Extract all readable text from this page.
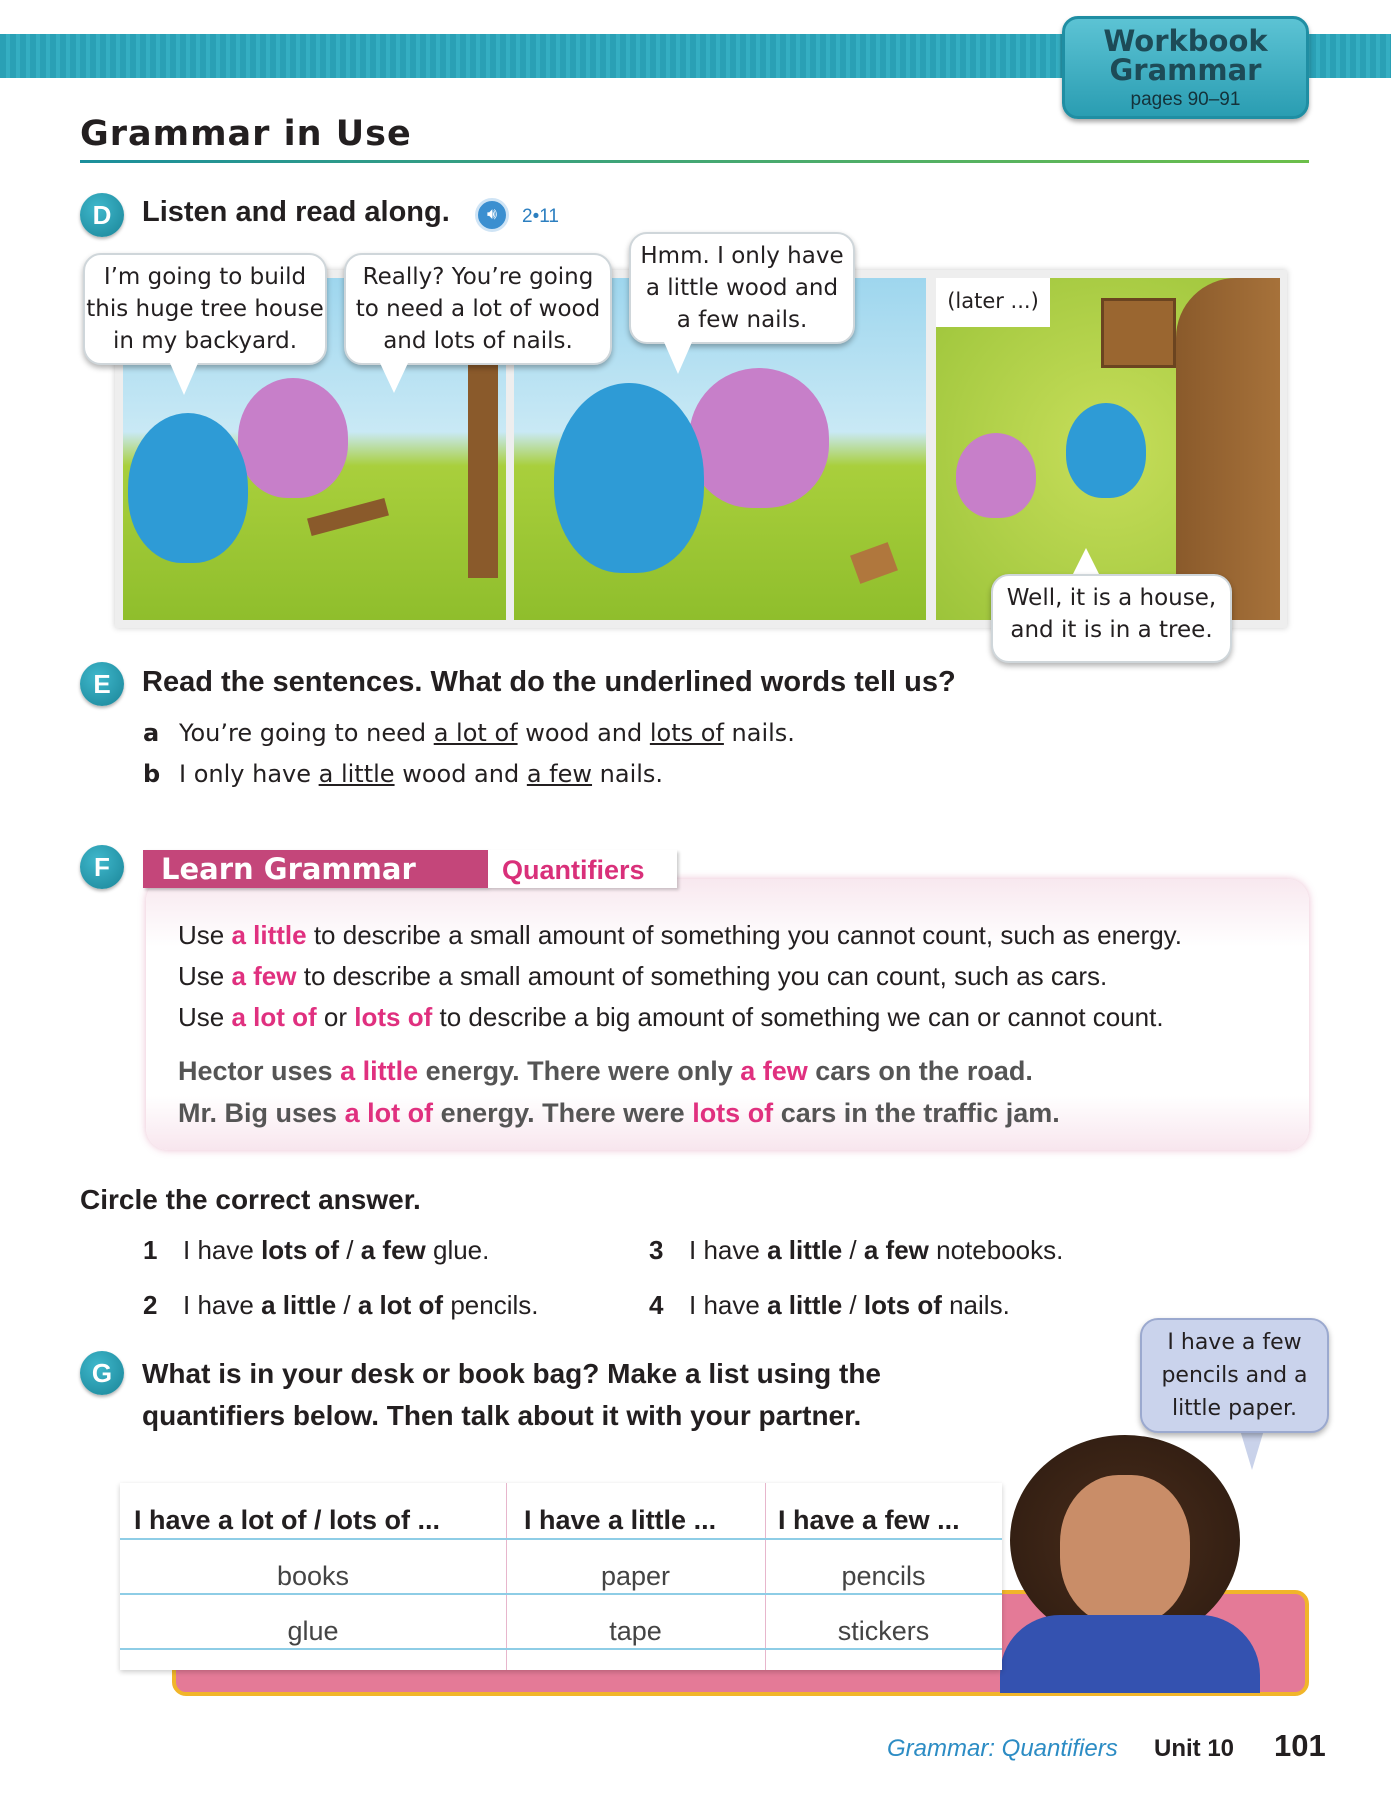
Workbook
Grammar
pages 90–91
Grammar in Use
D	Listen and read along.	🔊︎	2•11
I’m going to build
this huge tree house
in my backyard.
Really? You’re going
to need a lot of wood
and lots of nails.
Hmm. I only have
a little wood and
a few nails.
(later ...)
Well, it is a house,
and it is in a tree.
E	Read the sentences. What do the underlined words tell us?
a You’re going to need a lot of wood and lots of nails.
b I only have a little wood and a few nails.
F	Learn Grammar	Quantifiers
Use a little to describe a small amount of something you cannot count, such as energy.
Use a few to describe a small amount of something you can count, such as cars.
Use a lot of or lots of to describe a big amount of something we can or cannot count.
Hector uses a little energy. There were only a few cars on the road.
Mr. Big uses a lot of energy. There were lots of cars in the traffic jam.
Circle the correct answer.
1 I have lots of / a few glue.
2 I have a little / a lot of pencils.
3 I have a little / a few notebooks.
4 I have a little / lots of nails.
G	What is in your desk or book bag? Make a list using the
quantifiers below. Then talk about it with your partner.
I have a few
pencils and a
little paper.
I have a lot of / lots of ...	I have a little ... I have a few ...
books	paper	pencils
glue	tape	stickers
Grammar: Quantifiers Unit 10 101
